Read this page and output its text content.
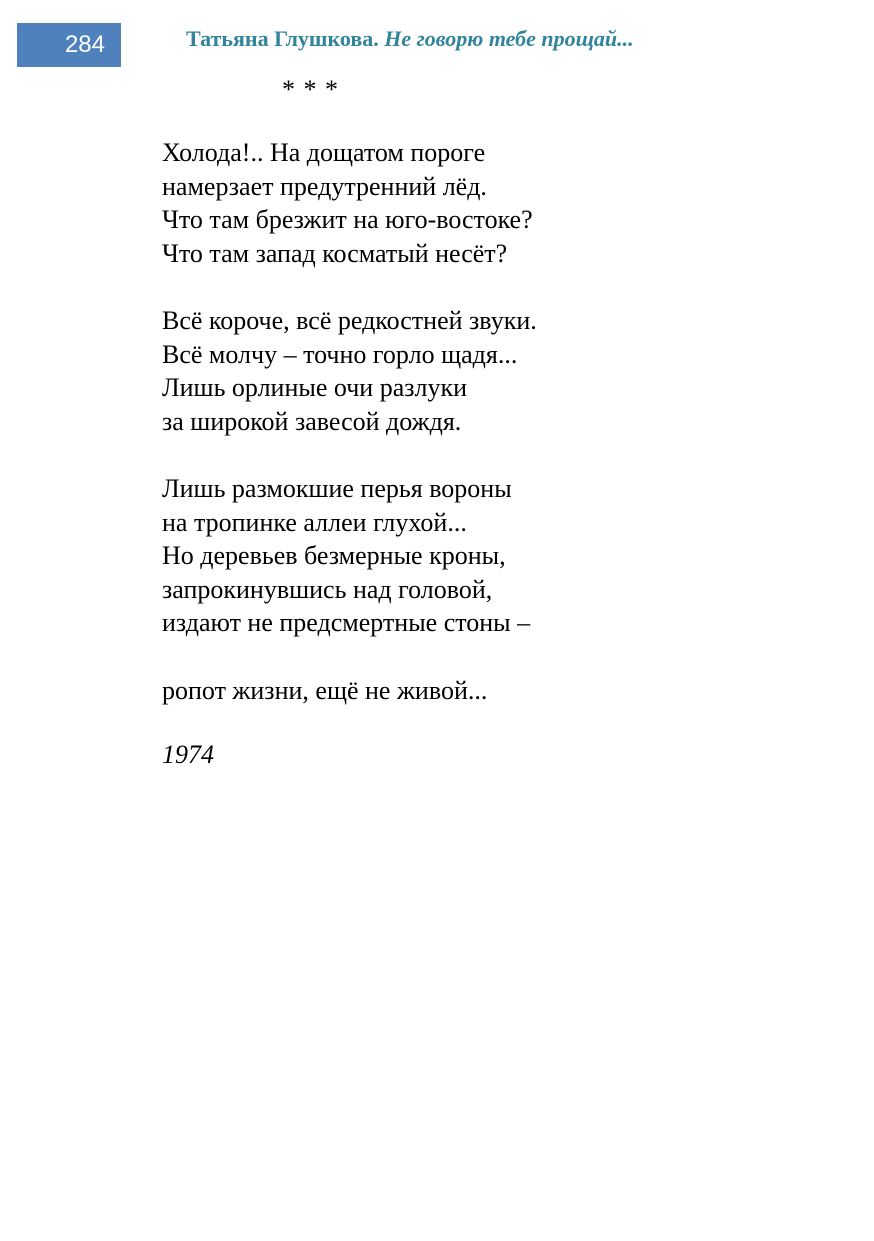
284	Татьяна Глушкова. Не говорю тебе прощай...
* * *
Холода!.. На дощатом пороге
намерзает предутренний лёд.
Что там брезжит на юго-востоке?
Что там запад косматый несёт?
Всё короче, всё редкостней звуки.
Всё молчу – точно горло щадя...
Лишь орлиные очи разлуки
за широкой завесой дождя.
Лишь размокшие перья вороны
на тропинке аллеи глухой...
Но деревьев безмерные кроны,
запрокинувшись над головой,
издают не предсмертные стоны –
ропот жизни, ещё не живой...
1974
